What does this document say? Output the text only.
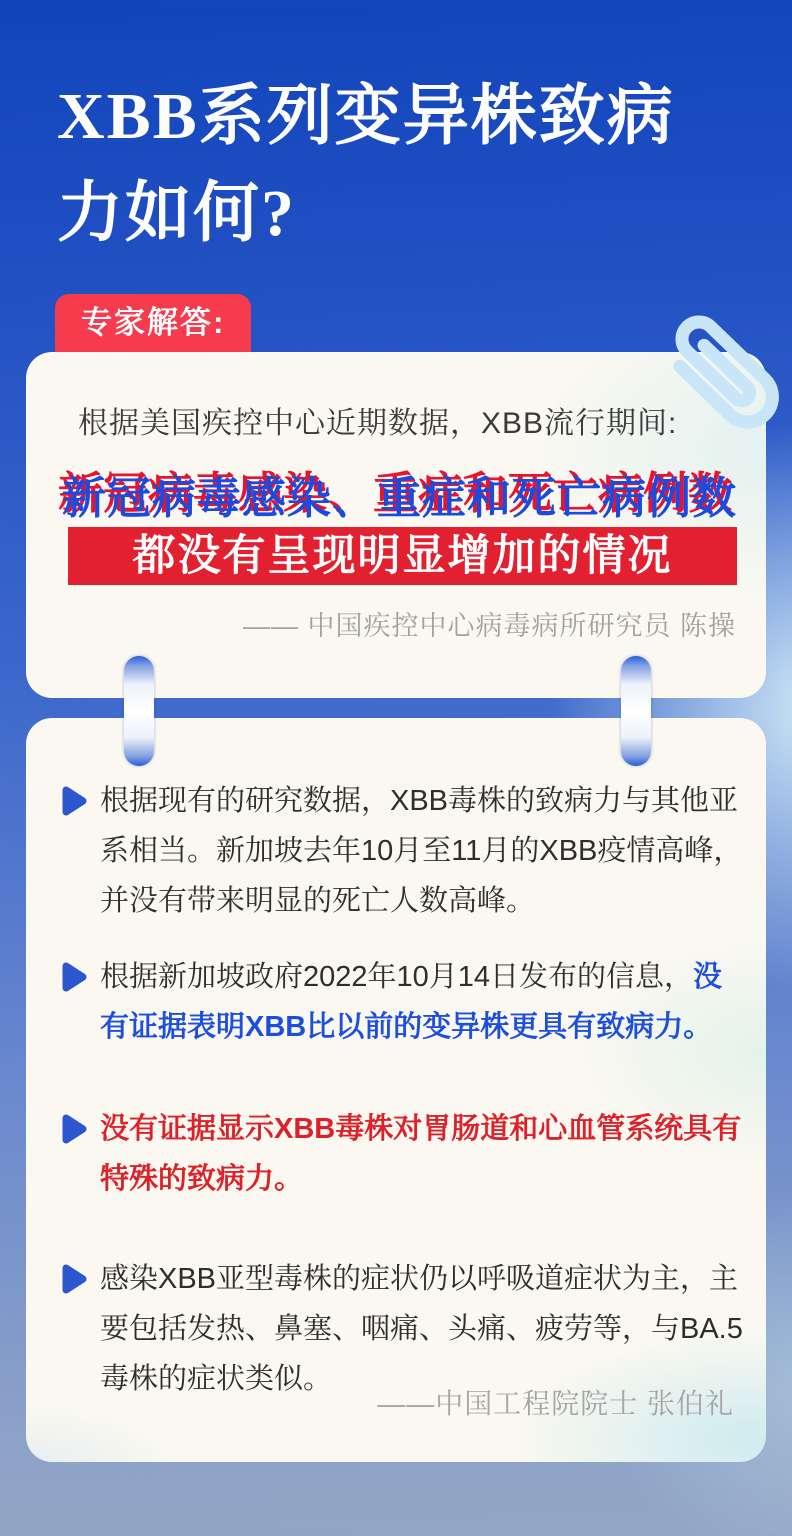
XBB系列变异株致病
力如何?
专家解答:
根据美国疾控中心近期数据，XBB流行期间:
新冠病毒感染、重症和死亡病例数
都没有呈现明显增加的情况
—— 中国疾控中心病毒病所研究员 陈操
根据现有的研究数据，XBB毒株的致病力与其他亚系相当。新加坡去年10月至11月的XBB疫情高峰，并没有带来明显的死亡人数高峰。
根据新加坡政府2022年10月14日发布的信息，没有证据表明XBB比以前的变异株更具有致病力。
没有证据显示XBB毒株对胃肠道和心血管系统具有特殊的致病力。
感染XBB亚型毒株的症状仍以呼吸道症状为主，主要包括发热、鼻塞、咽痛、头痛、疲劳等，与BA.5毒株的症状类似。
——中国工程院院士 张伯礼
